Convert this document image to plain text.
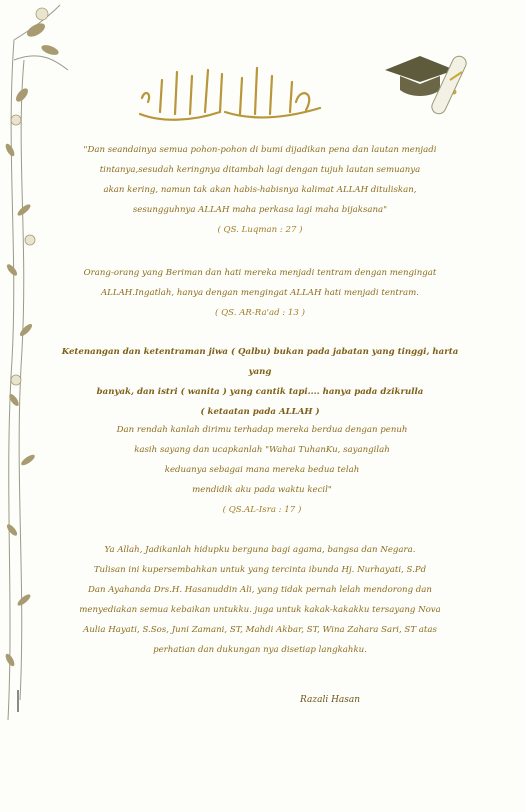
"Dan seandainya semua pohon-pohon di bumi dijadikan pena dan lautan menjadi

tintanya,sesudah keringnya ditambah lagi dengan tujuh lautan semuanya

akan kering, namun tak akan habis-habisnya kalimat ALLAH dituliskan,

sesungguhnya ALLAH maha perkasa lagi maha bijaksana"

( QS. Luqman : 27 )

Orang-orang yang Beriman dan hati mereka menjadi tentram dengan mengingat

ALLAH.Ingatlah, hanya dengan mengingat ALLAH hati menjadi tentram.

( QS. AR-Ra'ad : 13 )

Ketenangan dan ketentraman jiwa ( Qalbu) bukan pada jabatan yang tinggi, harta yang

banyak, dan istri ( wanita ) yang cantik tapi.... hanya pada dzikrulla

( ketaatan pada ALLAH )

Dan rendah kanlah dirimu terhadap mereka berdua dengan penuh

kasih sayang dan ucapkanlah "Wahai TuhanKu, sayangilah

keduanya sebagai mana mereka bedua telah

mendidik aku pada waktu kecil"

( QS.AL-Isra : 17 )

Ya Allah, Jadikanlah hidupku berguna bagi agama, bangsa dan Negara.

Tulisan ini kupersembahkan untuk yang tercinta ibunda Hj. Nurhayati, S.Pd

Dan Ayahanda Drs.H. Hasanuddin Ali, yang tidak pernah lelah mendorong dan

menyediakan semua kebaikan untukku. juga untuk kakak-kakakku tersayang Nova

Aulia Hayati, S.Sos, Juni Zamani, ST, Mahdi Akbar, ST, Wina Zahara Sari, ST atas

perhatian dan dukungan nya disetiap langkahku.

Razali Hasan
